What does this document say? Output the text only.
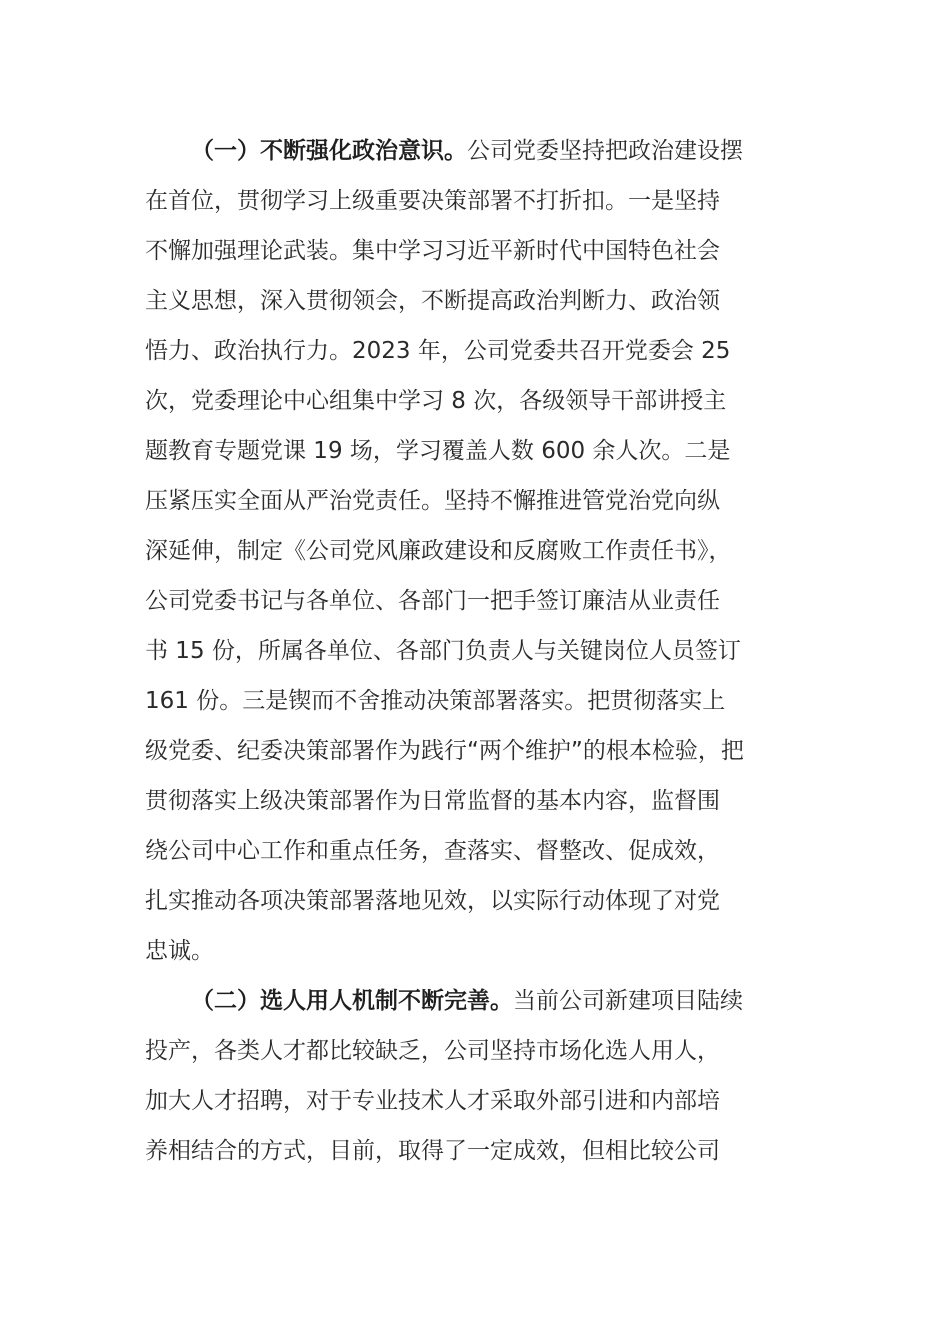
（一）不断强化政治意识。公司党委坚持把政治建设摆
在首位，贯彻学习上级重要决策部署不打折扣。一是坚持
不懈加强理论武装。集中学习习近平新时代中国特色社会
主义思想，深入贯彻领会，不断提高政治判断力、政治领
悟力、政治执行力。2023 年，公司党委共召开党委会 25
次，党委理论中心组集中学习 8 次，各级领导干部讲授主
题教育专题党课 19 场，学习覆盖人数 600 余人次。二是
压紧压实全面从严治党责任。坚持不懈推进管党治党向纵
深延伸，制定《公司党风廉政建设和反腐败工作责任书》，
公司党委书记与各单位、各部门一把手签订廉洁从业责任
书 15 份，所属各单位、各部门负责人与关键岗位人员签订
161 份。三是锲而不舍推动决策部署落实。把贯彻落实上
级党委、纪委决策部署作为践行“两个维护”的根本检验，把
贯彻落实上级决策部署作为日常监督的基本内容，监督围
绕公司中心工作和重点任务，查落实、督整改、促成效，
扎实推动各项决策部署落地见效，以实际行动体现了对党
忠诚。
（二）选人用人机制不断完善。当前公司新建项目陆续
投产，各类人才都比较缺乏，公司坚持市场化选人用人，
加大人才招聘，对于专业技术人才采取外部引进和内部培
养相结合的方式，目前，取得了一定成效，但相比较公司
